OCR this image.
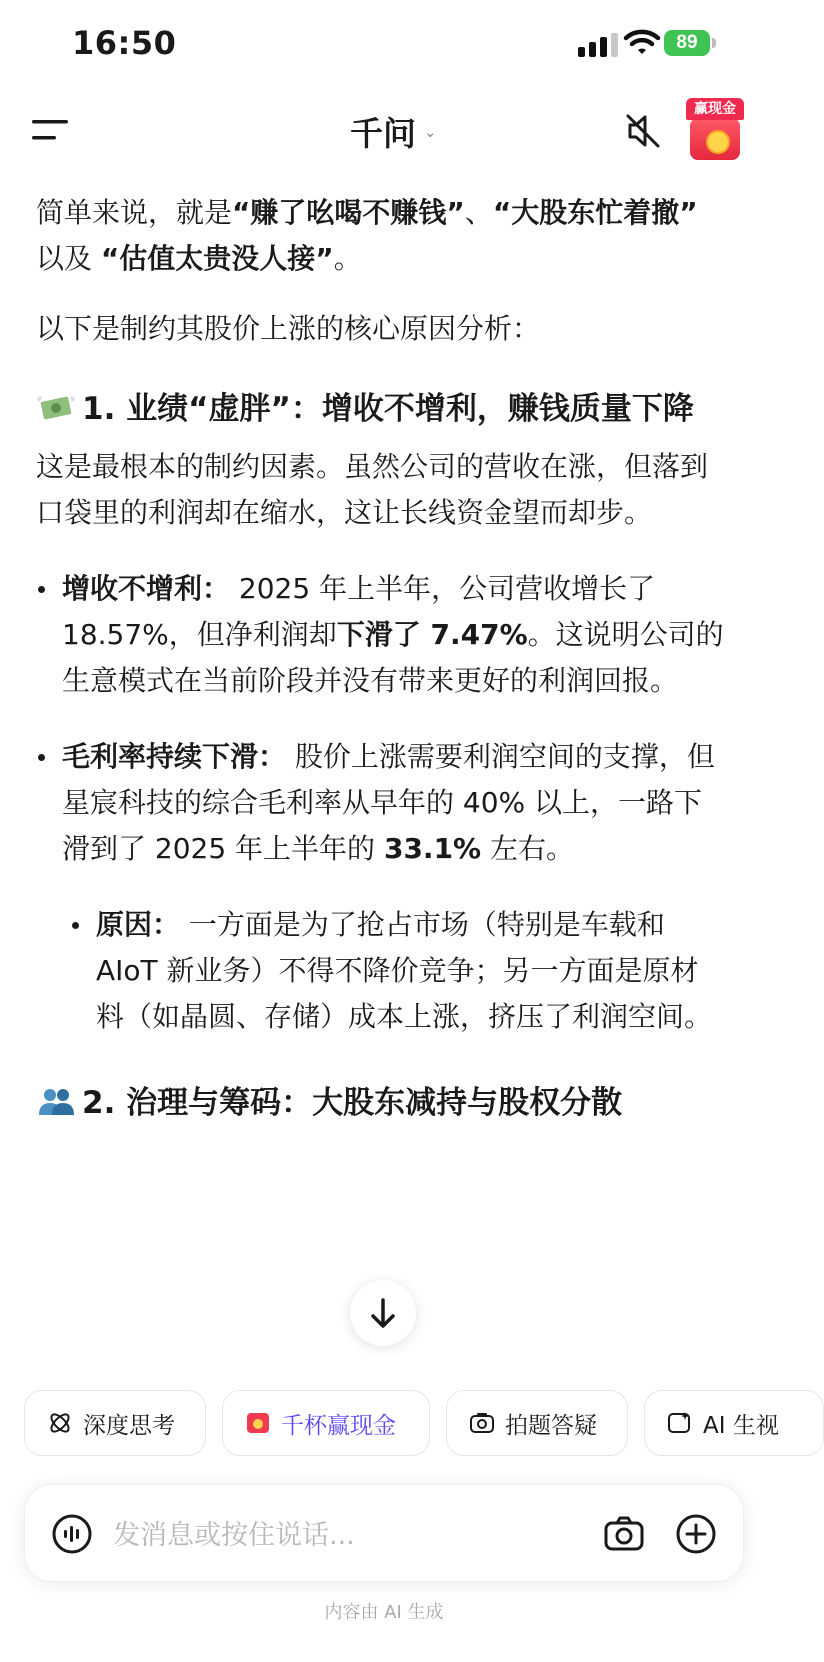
16:50	89
千问 ⌄
赢现金

简单来说，就是“赚了吆喝不赚钱”、“大股东忙着撤” 以及 “估值太贵没人接”。

以下是制约其股价上涨的核心原因分析：

1. 业绩“虚胖”：增收不增利，赚钱质量下降

这是最根本的制约因素。虽然公司的营收在涨，但落到口袋里的利润却在缩水，这让长线资金望而却步。

增收不增利： 2025 年上半年，公司营收增长了 18.57%，但净利润却下滑了 7.47%。这说明公司的生意模式在当前阶段并没有带来更好的利润回报。

毛利率持续下滑： 股价上涨需要利润空间的支撑，但星宸科技的综合毛利率从早年的 40% 以上，一路下滑到了 2025 年上半年的 33.1% 左右。

原因： 一方面是为了抢占市场（特别是车载和 AIoT 新业务）不得不降价竞争；另一方面是原材料（如晶圆、存储）成本上涨，挤压了利润空间。

2. 治理与筹码：大股东减持与股权分散

深度思考	千杯赢现金	拍题答疑	AI 生视
发消息或按住说话...
内容由 AI 生成
